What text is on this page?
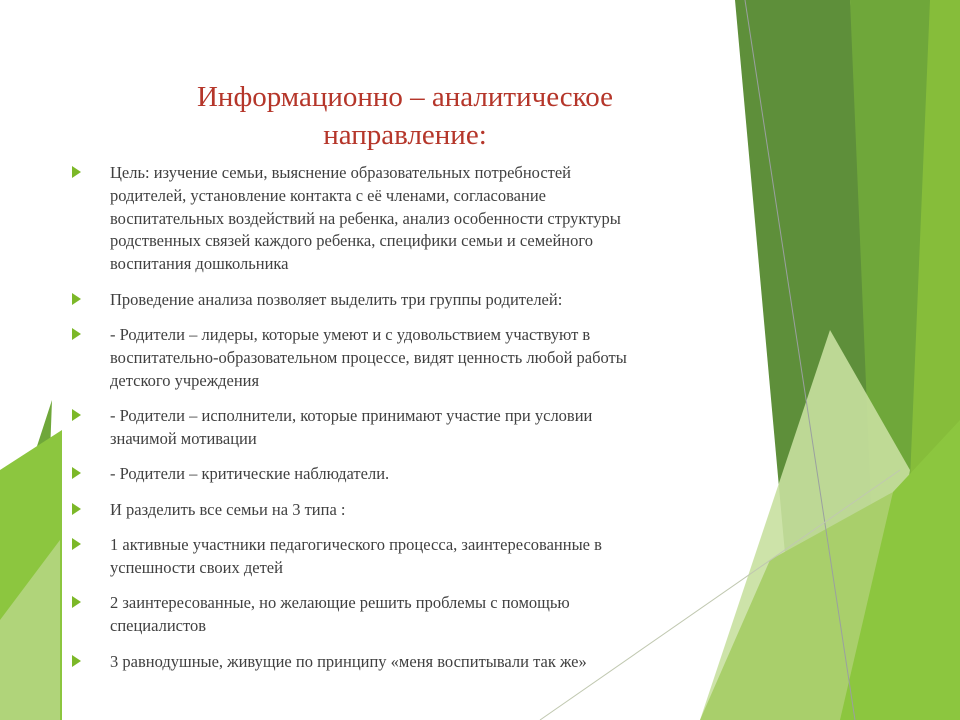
Информационно – аналитическое
направление:
Цель: изучение семьи, выяснение образовательных потребностей
родителей, установление контакта с её членами, согласование
воспитательных воздействий на ребенка, анализ особенности структуры
родственных связей каждого ребенка, специфики семьи и семейного
воспитания дошкольника
Проведение анализа позволяет выделить три группы родителей:
- Родители – лидеры, которые умеют и с удовольствием участвуют в
воспитательно-образовательном процессе, видят ценность любой работы
детского учреждения
- Родители – исполнители, которые принимают участие при условии
значимой мотивации
- Родители – критические наблюдатели.
И разделить все семьи на 3 типа :
1 активные участники педагогического процесса, заинтересованные в
успешности своих детей
2 заинтересованные, но желающие решить проблемы с помощью
специалистов
3 равнодушные, живущие по принципу «меня воспитывали так же»
